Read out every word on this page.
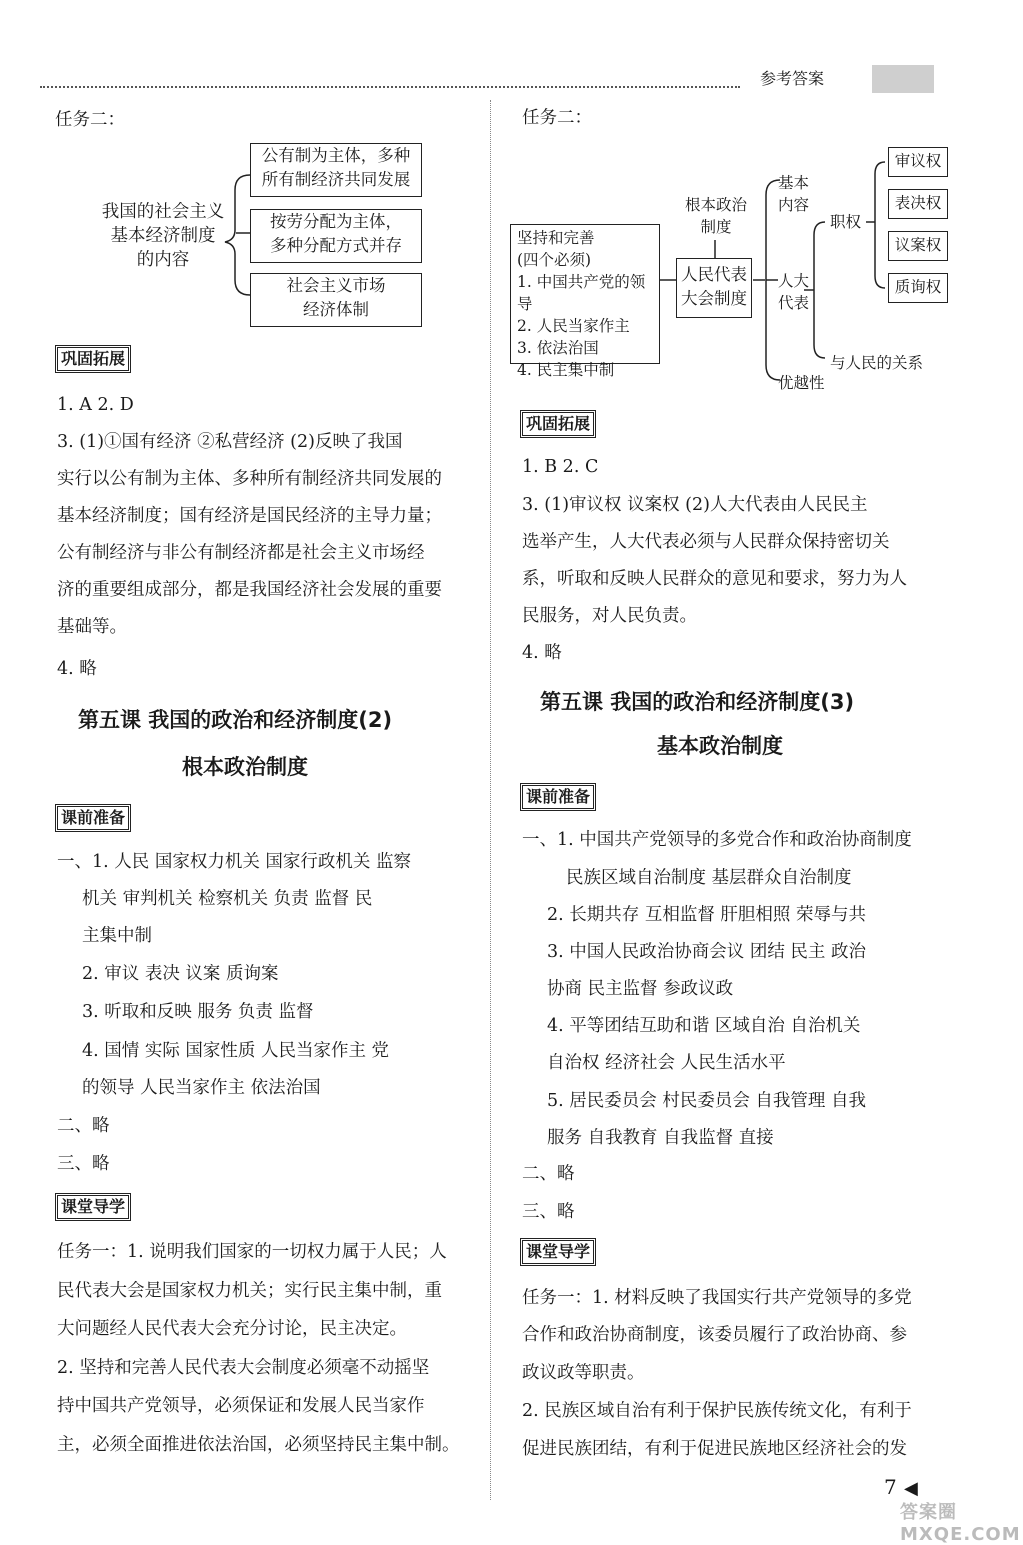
参考答案
任务二：
我国的社会主义
基本经济制度
的内容
公有制为主体，多种
所有制经济共同发展
按劳分配为主体，
多种分配方式并存
社会主义市场
经济体制
巩固拓展
1. A 2. D
3. (1)①国有经济 ②私营经济 (2)反映了我国
实行以公有制为主体、多种所有制经济共同发展的
基本经济制度；国有经济是国民经济的主导力量；
公有制经济与非公有制经济都是社会主义市场经
济的重要组成部分，都是我国经济社会发展的重要
基础等。
4. 略
第五课 我国的政治和经济制度(2)
根本政治制度
课前准备
一、1. 人民 国家权力机关 国家行政机关 监察
机关 审判机关 检察机关 负责 监督 民
主集中制
2. 审议 表决 议案 质询案
3. 听取和反映 服务 负责 监督
4. 国情 实际 国家性质 人民当家作主 党
的领导 人民当家作主 依法治国
二、略
三、略
课堂导学
任务一：1. 说明我们国家的一切权力属于人民；人
民代表大会是国家权力机关；实行民主集中制，重
大问题经人民代表大会充分讨论，民主决定。
2. 坚持和完善人民代表大会制度必须毫不动摇坚
持中国共产党领导，必须保证和发展人民当家作
主，必须全面推进依法治国，必须坚持民主集中制。
任务二：
坚持和完善
(四个必须)
1. 中国共产党的领导
2. 人民当家作主
3. 依法治国
4. 民主集中制
根本政治
制度
人民代表
大会制度
基本
内容
人大
代表
优越性
职权
与人民的关系
审议权
表决权
议案权
质询权
巩固拓展
1. B 2. C
3. (1)审议权 议案权 (2)人大代表由人民民主
选举产生，人大代表必须与人民群众保持密切关
系，听取和反映人民群众的意见和要求，努力为人
民服务，对人民负责。
4. 略
第五课 我国的政治和经济制度(3)
基本政治制度
课前准备
一、1. 中国共产党领导的多党合作和政治协商制度
民族区域自治制度 基层群众自治制度
2. 长期共存 互相监督 肝胆相照 荣辱与共
3. 中国人民政治协商会议 团结 民主 政治
协商 民主监督 参政议政
4. 平等团结互助和谐 区域自治 自治机关
自治权 经济社会 人民生活水平
5. 居民委员会 村民委员会 自我管理 自我
服务 自我教育 自我监督 直接
二、略
三、略
课堂导学
任务一：1. 材料反映了我国实行共产党领导的多党
合作和政治协商制度，该委员履行了政治协商、参
政议政等职责。
2. 民族区域自治有利于保护民族传统文化，有利于
促进民族团结，有利于促进民族地区经济社会的发
7 ◀
答案圈 MXQE.COM
